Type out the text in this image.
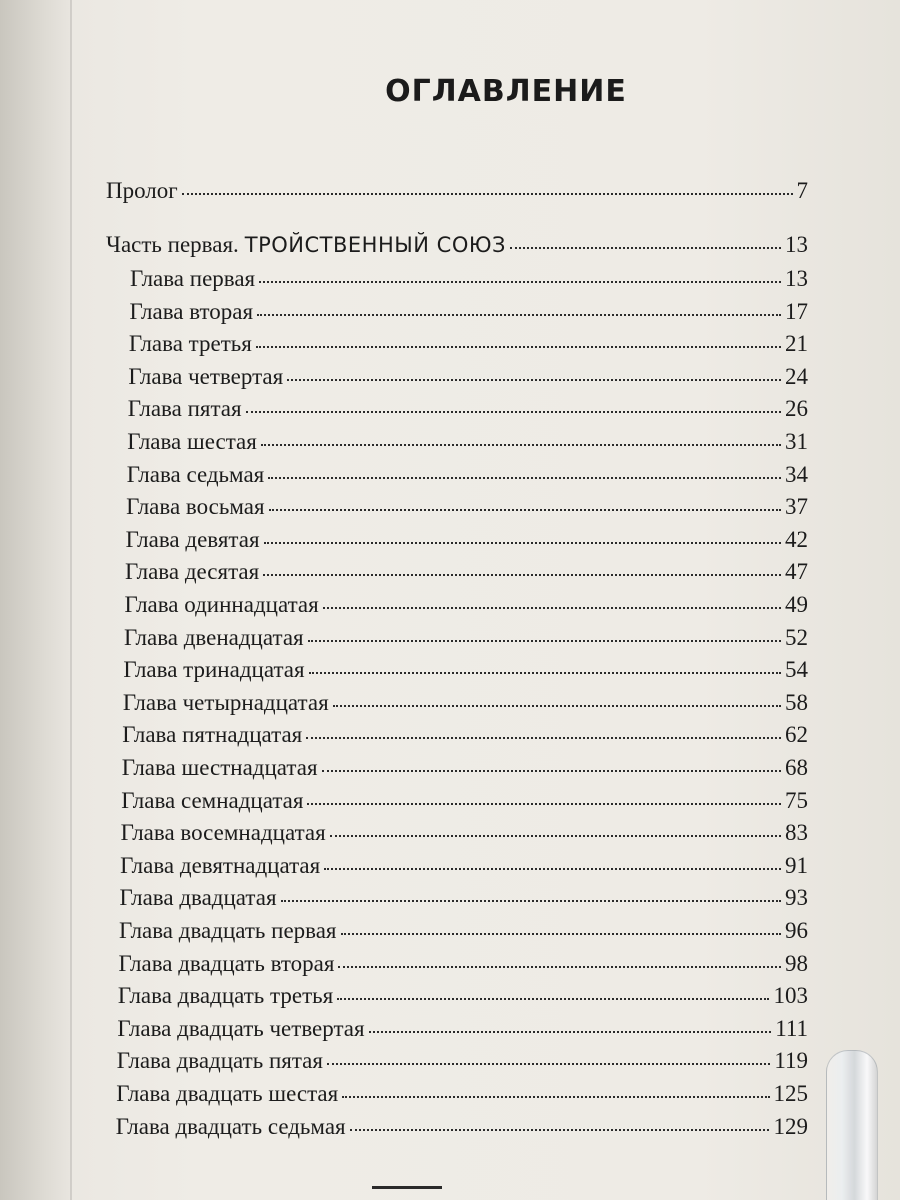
ОГЛАВЛЕНИЕ
Пролог	7
Часть первая. ТРОЙСТВЕННЫЙ СОЮЗ	13
Глава первая	13
Глава вторая	17
Глава третья	21
Глава четвертая	24
Глава пятая	26
Глава шестая	31
Глава седьмая	34
Глава восьмая	37
Глава девятая	42
Глава десятая	47
Глава одиннадцатая	49
Глава двенадцатая	52
Глава тринадцатая	54
Глава четырнадцатая	58
Глава пятнадцатая	62
Глава шестнадцатая	68
Глава семнадцатая	75
Глава восемнадцатая	83
Глава девятнадцатая	91
Глава двадцатая	93
Глава двадцать первая	96
Глава двадцать вторая	98
Глава двадцать третья	103
Глава двадцать четвертая	111
Глава двадцать пятая	119
Глава двадцать шестая	125
Глава двадцать седьмая	129
